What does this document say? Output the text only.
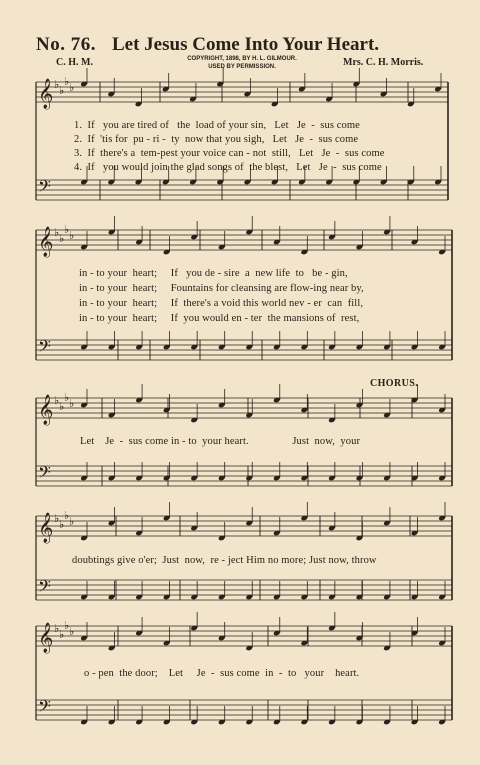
No. 76. Let Jesus Come Into Your Heart.
C. H. M.	COPYRIGHT, 1898, BY H. L. GILMOUR.
USED BY PERMISSION.	Mrs. C. H. Morris.
♭ ♭
♭ ♭
𝄞
𝄢
♭ ♭
♭ ♭
𝄞
𝄢
♭ ♭
♭ ♭
𝄞
𝄢
♭ ♭
♭ ♭
𝄞
𝄢
♭ ♭
♭ ♭
𝄞
𝄢
1.  If   you are tired of   the  load of your sin,   Let   Je  -  sus come
2.  If  'tis for  pu - ri -  ty  now that you sigh,   Let   Je  -  sus come
3.  If  there's a  tem-pest your voice can - not  still,   Let   Je  -  sus come
4.  If   you would join the glad songs of  the blest,   Let   Je  -  sus come
in - to your  heart;     If   you de - sire  a  new life  to   be - gin,
in - to your  heart;     Fountains for cleansing are flow-ing near by,
in - to your  heart;     If  there's a void this world nev - er  can  fill,
in - to your  heart;     If  you would en - ter  the mansions of  rest,
CHORUS.
Let    Je  -  sus come in - to  your heart.                Just  now,  your
doubtings give o'er;  Just  now,  re - ject Him no more; Just now, throw
o - pen  the door;    Let     Je  -  sus come  in  -  to   your    heart.
